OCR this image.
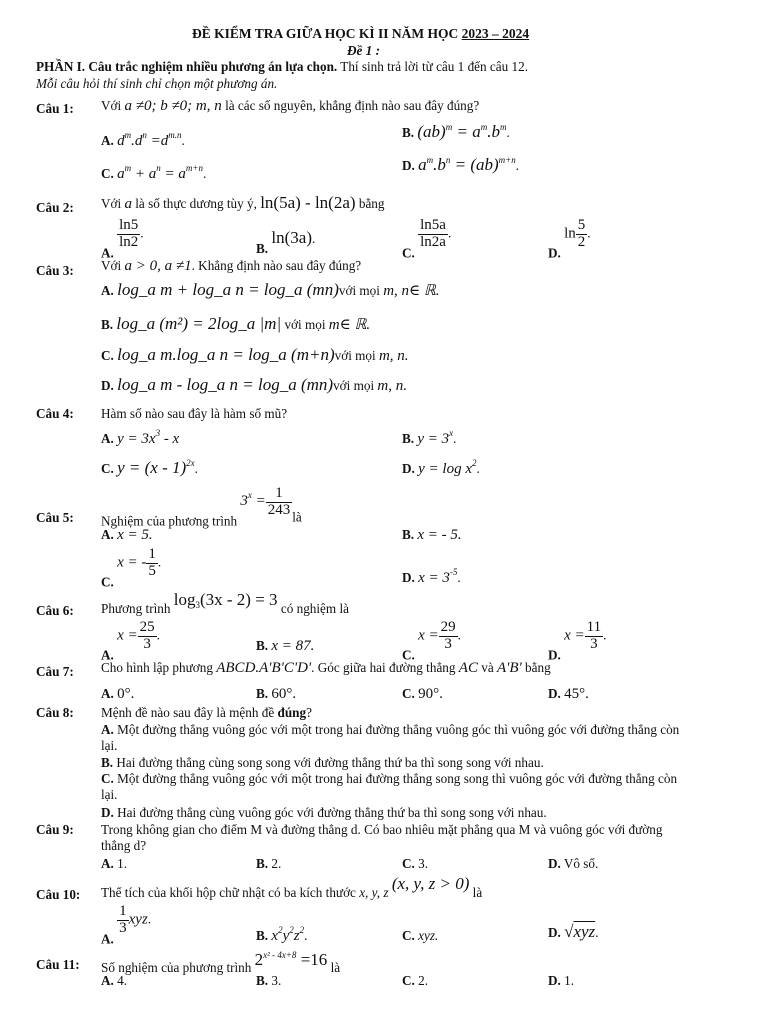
ĐỀ KIỂM TRA GIỮA HỌC KÌ II NĂM HỌC 2023 – 2024
Đề 1 :
PHẦN I. Câu trắc nghiệm nhiều phương án lựa chọn. Thí sinh trả lời từ câu 1 đến câu 12.
Mỗi câu hỏi thí sinh chỉ chọn một phương án.
Câu 1: Với a ≠0; b ≠0; m, n là các số nguyên, khẳng định nào sau đây đúng?
A. $d^m.d^n =d^{m.n}$.
B. $(ab)^m = a^m.b^m$.
C. $a^m + a^n = a^{m+n}$.
D. $a^m.b^n = (ab)^{m+n}$.
Câu 2: Với a là số thực dương tùy ý, ln(5a) - ln(2a) bằng
A.
$\frac{\ln 5}{\ln 2}$ .
B. ln(3a).
C.
$\frac{\ln 5a}{\ln 2a}$ .
D. $\ln \frac{5}{2}$ .
Câu 3: Với a > 0, a ≠1. Khẳng định nào sau đây đúng?
A. log_a m + log_a n = log_a (mn)với mọi m, n∈ ℝ.
B. log_a (m²) = 2log_a |m| với mọi m∈ ℝ.
C. log_a m.log_a n = log_a (m+n)với mọi m, n.
D. log_a m - log_a n = log_a (mn)với mọi m, n.
Câu 4: Hàm số nào sau đây là hàm số mũ?
A. $y = 3x^3 - x$	B. $y = 3^x$.
C. y = (x - 1)$^{2x}$.	D. $y = \log x^2$.
Câu 5: Nghiệm của phương trình $3^x = \frac{1}{243}$ là
A. x = 5.	B. x = - 5.
C. x = - $\frac{1}{5}$ .
D. $x = 3^{-5}$.
Câu 6: Phương trình $\log_3(3x - 2) = 3$ có nghiệm là
A. $x = \frac{25}{3}$ .
B. x = 87.
C. $x = \frac{29}{3}$ .
D. $x = \frac{11}{3}$ .
Câu 7: Cho hình lập phương ABCD.A'B'C'D'. Góc giữa hai đường thẳng AC và A'B' bằng
A. 0°.	B. 60°.	C. 90°.	D. 45°.
Câu 8: Mệnh đề nào sau đây là mệnh đề đúng?
A. Một đường thẳng vuông góc với một trong hai đường thẳng vuông góc thì vuông góc với đường thẳng còn lại.
B. Hai đường thẳng cùng song song với đường thẳng thứ ba thì song song với nhau.
C. Một đường thẳng vuông góc với một trong hai đường thẳng song song thì vuông góc với đường thẳng còn lại.
D. Hai đường thẳng cùng vuông góc với đường thẳng thứ ba thì song song với nhau.
Câu 9: Trong không gian cho điểm M và đường thẳng d. Có bao nhiêu mặt phẳng qua M và vuông góc với đường thẳng d?
A. 1.	B. 2.	C. 3.	D. Vô số.
Câu 10: Thể tích của khối hộp chữ nhật có ba kích thước x, y, z (x, y, z > 0) là
A.
$\frac{1}{3}$ xyz.
B. $x^2y^2z^2$.	C. xyz.	D. √xyz.
Câu 11: Số nghiệm của phương trình $2^{x^2 - 4x+8} =16$ là
A. 4.	B. 3.	C. 2.	D. 1.
